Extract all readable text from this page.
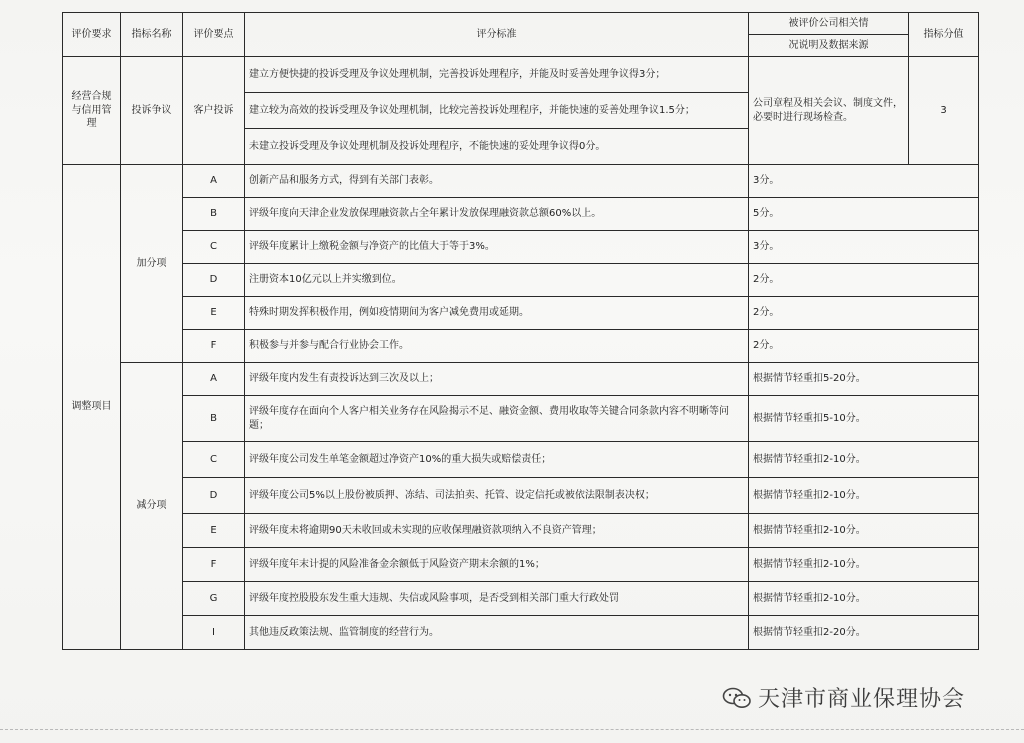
评价要求	指标名称	评价要点	评分标准	被评价公司相关情	指标分值
				况说明及数据来源	
经营合规与信用管理	投诉争议	客户投诉	建立方便快捷的投诉受理及争议处理机制，完善投诉处理程序，并能及时妥善处理争议得3分；	公司章程及相关会议、制度文件，必要时进行现场检查。	3
			建立较为高效的投诉受理及争议处理机制，比较完善投诉处理程序，并能快速的妥善处理争议1.5分；		
			未建立投诉受理及争议处理机制及投诉处理程序，不能快速的妥处理争议得0分。		
调整项目	加分项	A	创新产品和服务方式，得到有关部门表彰。	3分。	
		B	评级年度向天津企业发放保理融资款占全年累计发放保理融资款总额60%以上。	5分。	
		C	评级年度累计上缴税金额与净资产的比值大于等于3%。	3分。	
		D	注册资本10亿元以上并实缴到位。	2分。	
		E	特殊时期发挥积极作用，例如疫情期间为客户减免费用或延期。	2分。	
		F	积极参与并参与配合行业协会工作。	2分。	
	减分项	A	评级年度内发生有责投诉达到三次及以上；	根据情节轻重扣5-20分。	
		B	评级年度存在面向个人客户相关业务存在风险揭示不足、融资金额、费用收取等关键合同条款内容不明晰等问题；	根据情节轻重扣5-10分。	
		C	评级年度公司发生单笔金额超过净资产10%的重大损失或赔偿责任；	根据情节轻重扣2-10分。	
		D	评级年度公司5%以上股份被质押、冻结、司法拍卖、托管、设定信托或被依法限制表决权；	根据情节轻重扣2-10分。	
		E	评级年度未将逾期90天未收回或未实现的应收保理融资款项纳入不良资产管理；	根据情节轻重扣2-10分。	
		F	评级年度年末计提的风险准备金余额低于风险资产期末余额的1%；	根据情节轻重扣2-10分。	
		G	评级年度控股股东发生重大违规、失信或风险事项，是否受到相关部门重大行政处罚	根据情节轻重扣2-10分。	
		I	其他违反政策法规、监管制度的经营行为。	根据情节轻重扣2-20分。	
天津市商业保理协会
